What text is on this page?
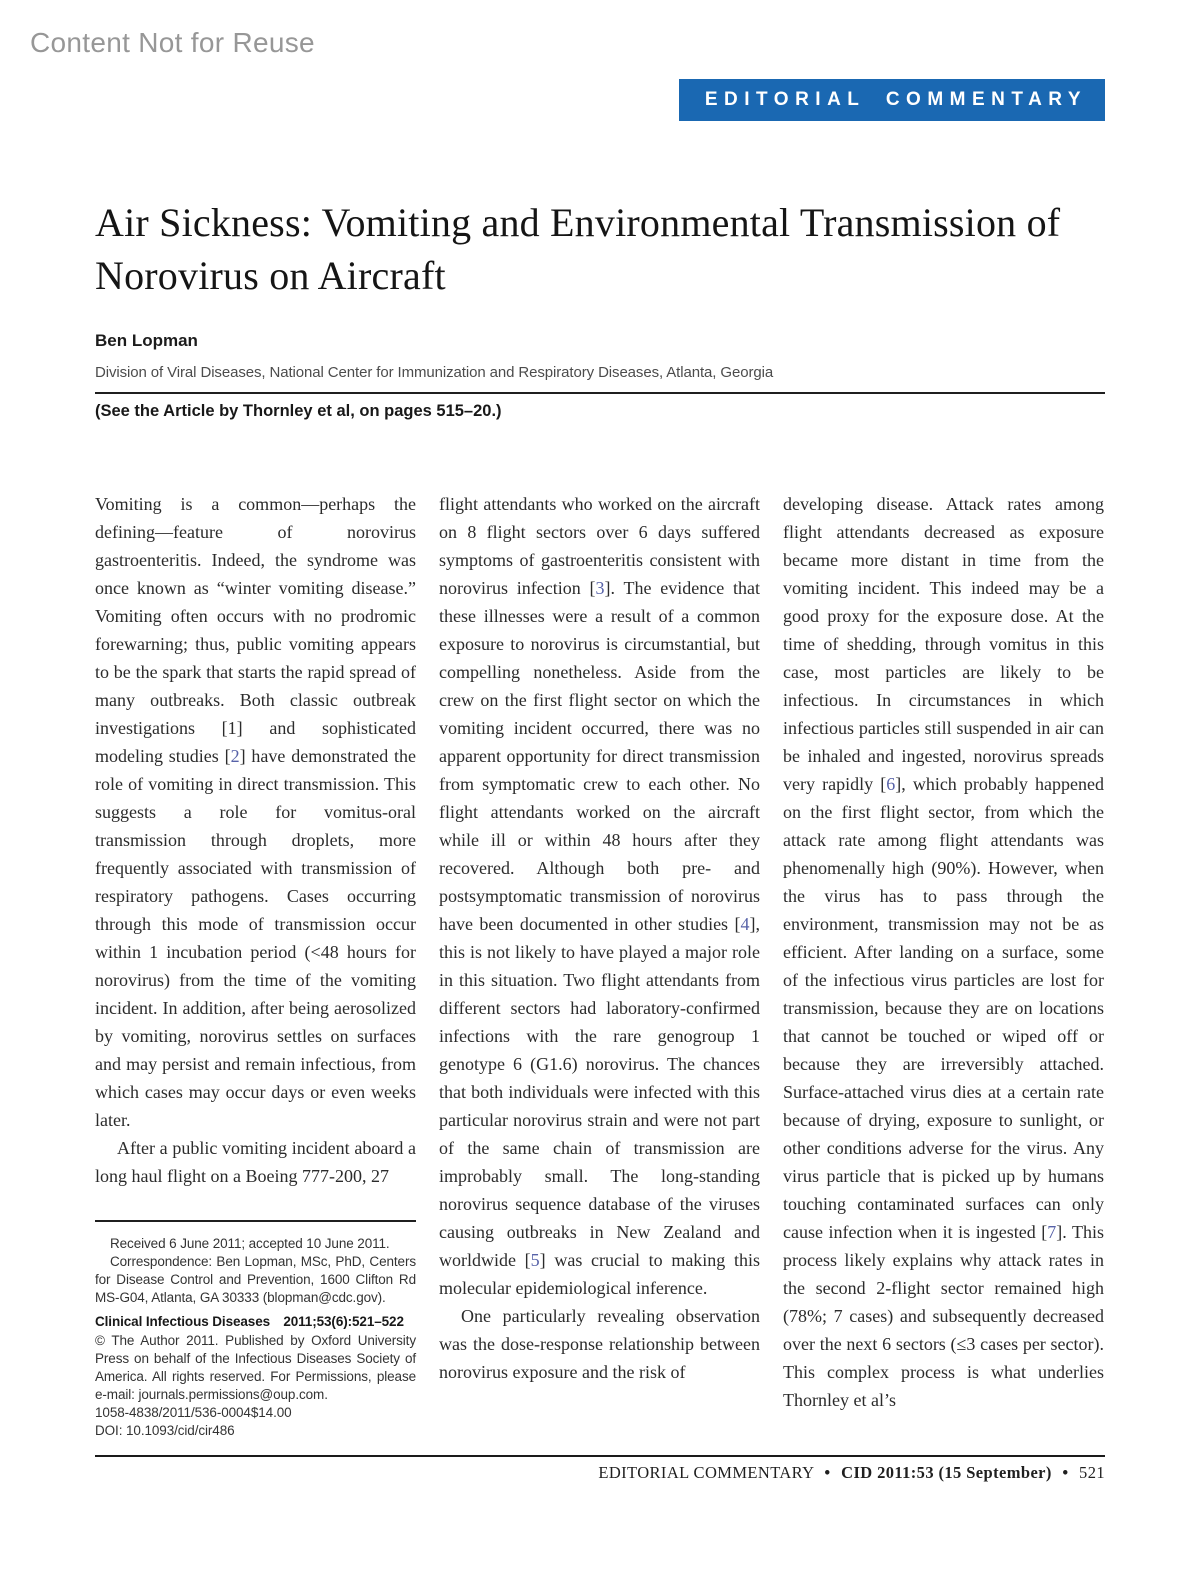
Content Not for Reuse
EDITORIAL COMMENTARY
Air Sickness: Vomiting and Environmental Transmission of
Norovirus on Aircraft
Ben Lopman
Division of Viral Diseases, National Center for Immunization and Respiratory Diseases, Atlanta, Georgia
(See the Article by Thornley et al, on pages 515–20.)

Vomiting is a common—perhaps the defining—feature of norovirus gastroenteritis. Indeed, the syndrome was once known as “winter vomiting disease.” Vomiting often occurs with no prodromic forewarning; thus, public vomiting appears to be the spark that starts the rapid spread of many outbreaks. Both classic outbreak investigations [1] and sophisticated modeling studies [2] have demonstrated the role of vomiting in direct transmission. This suggests a role for vomitus-oral transmission through droplets, more frequently associated with transmission of respiratory pathogens. Cases occurring through this mode of transmission occur within 1 incubation period (<48 hours for norovirus) from the time of the vomiting incident. In addition, after being aerosolized by vomiting, norovirus settles on surfaces and may persist and remain infectious, from which cases may occur days or even weeks later.

After a public vomiting incident aboard a long haul flight on a Boeing 777-200, 27

Received 6 June 2011; accepted 10 June 2011.
Correspondence: Ben Lopman, MSc, PhD, Centers for Disease Control and Prevention, 1600 Clifton Rd MS-G04, Atlanta, GA 30333 (blopman@cdc.gov).
Clinical Infectious Diseases  2011;53(6):521–522
© The Author 2011. Published by Oxford University Press on behalf of the Infectious Diseases Society of America. All rights reserved. For Permissions, please e-mail: journals.permissions@oup.com.
1058-4838/2011/536-0004$14.00
DOI: 10.1093/cid/cir486

flight attendants who worked on the aircraft on 8 flight sectors over 6 days suffered symptoms of gastroenteritis consistent with norovirus infection [3]. The evidence that these illnesses were a result of a common exposure to norovirus is circumstantial, but compelling nonetheless. Aside from the crew on the first flight sector on which the vomiting incident occurred, there was no apparent opportunity for direct transmission from symptomatic crew to each other. No flight attendants worked on the aircraft while ill or within 48 hours after they recovered. Although both pre- and postsymptomatic transmission of norovirus have been documented in other studies [4], this is not likely to have played a major role in this situation. Two flight attendants from different sectors had laboratory-confirmed infections with the rare genogroup 1 genotype 6 (G1.6) norovirus. The chances that both individuals were infected with this particular norovirus strain and were not part of the same chain of transmission are improbably small. The long-standing norovirus sequence database of the viruses causing outbreaks in New Zealand and worldwide [5] was crucial to making this molecular epidemiological inference.

One particularly revealing observation was the dose-response relationship between norovirus exposure and the risk of

developing disease. Attack rates among flight attendants decreased as exposure became more distant in time from the vomiting incident. This indeed may be a good proxy for the exposure dose. At the time of shedding, through vomitus in this case, most particles are likely to be infectious. In circumstances in which infectious particles still suspended in air can be inhaled and ingested, norovirus spreads very rapidly [6], which probably happened on the first flight sector, from which the attack rate among flight attendants was phenomenally high (90%). However, when the virus has to pass through the environment, transmission may not be as efficient. After landing on a surface, some of the infectious virus particles are lost for transmission, because they are on locations that cannot be touched or wiped off or because they are irreversibly attached. Surface-attached virus dies at a certain rate because of drying, exposure to sunlight, or other conditions adverse for the virus. Any virus particle that is picked up by humans touching contaminated surfaces can only cause infection when it is ingested [7]. This process likely explains why attack rates in the second 2-flight sector remained high (78%; 7 cases) and subsequently decreased over the next 6 sectors (≤3 cases per sector). This complex process is what underlies Thornley et al’s

EDITORIAL COMMENTARY • CID 2011:53 (15 September) • 521
